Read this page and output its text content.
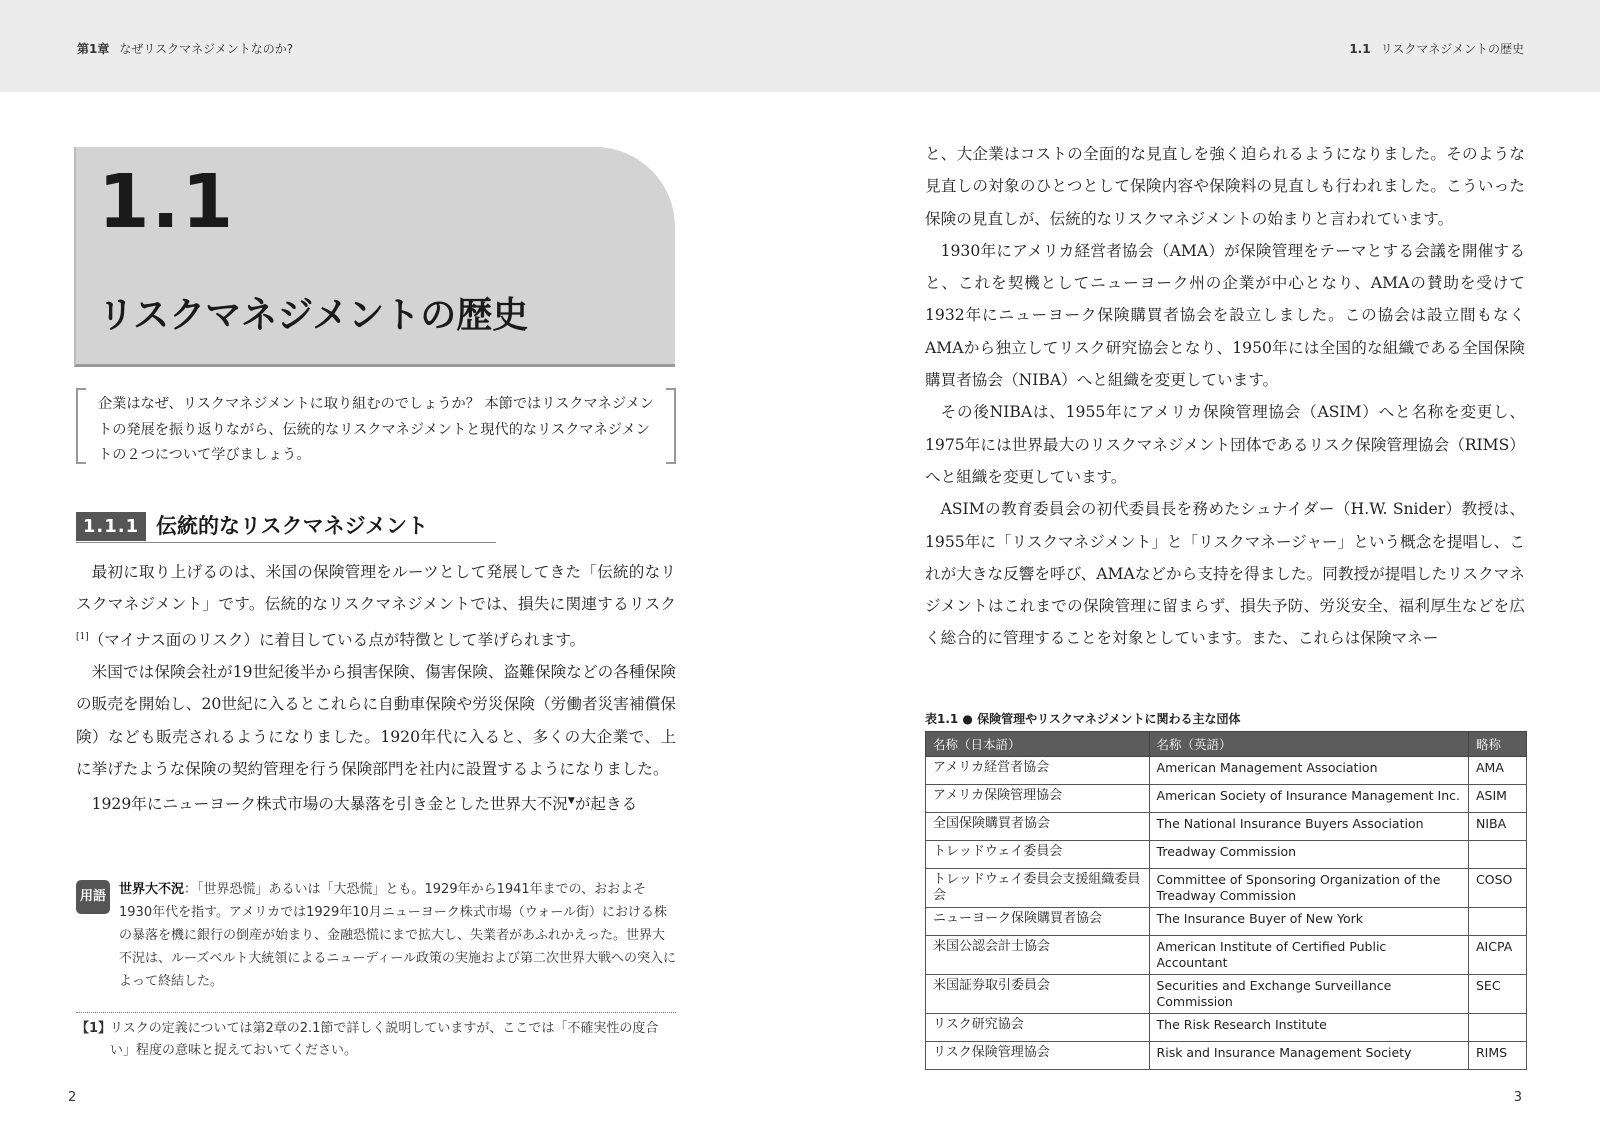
第1章 なぜリスクマネジメントなのか?	1.1 リスクマネジメントの歴史
1.1
リスクマネジメントの歴史
企業はなぜ、リスクマネジメントに取り組むのでしょうか？ 本節ではリスクマネジメントの発展を振り返りながら、伝統的なリスクマネジメントと現代的なリスクマネジメントの２つについて学びましょう。
1.1.1 伝統的なリスクマネジメント

最初に取り上げるのは、米国の保険管理をルーツとして発展してきた「伝統的なリスクマネジメント」です。伝統的なリスクマネジメントでは、損失に関連するリスク[1]（マイナス面のリスク）に着目している点が特徴として挙げられます。

米国では保険会社が19世紀後半から損害保険、傷害保険、盗難保険などの各種保険の販売を開始し、20世紀に入るとこれらに自動車保険や労災保険（労働者災害補償保険）なども販売されるようになりました。1920年代に入ると、多くの大企業で、上に挙げたような保険の契約管理を行う保険部門を社内に設置するようになりました。

1929年にニューヨーク株式市場の大暴落を引き金とした世界大不況▼が起きる

用語	世界大不況：「世界恐慌」あるいは「大恐慌」とも。1929年から1941年までの、おおよそ1930年代を指す。アメリカでは1929年10月ニューヨーク株式市場（ウォール街）における株の暴落を機に銀行の倒産が始まり、金融恐慌にまで拡大し、失業者があふれかえった。世界大不況は、ルーズベルト大統領によるニューディール政策の実施および第二次世界大戦への突入によって終結した。
【1】
リスクの定義については第2章の2.1節で詳しく説明していますが、ここでは「不確実性の度合い」程度の意味と捉えておいてください。
2

と、大企業はコストの全面的な見直しを強く迫られるようになりました。そのような見直しの対象のひとつとして保険内容や保険料の見直しも行われました。こういった保険の見直しが、伝統的なリスクマネジメントの始まりと言われています。

1930年にアメリカ経営者協会（AMA）が保険管理をテーマとする会議を開催すると、これを契機としてニューヨーク州の企業が中心となり、AMAの賛助を受けて1932年にニューヨーク保険購買者協会を設立しました。この協会は設立間もなくAMAから独立してリスク研究協会となり、1950年には全国的な組織である全国保険購買者協会（NIBA）へと組織を変更しています。

その後NIBAは、1955年にアメリカ保険管理協会（ASIM）へと名称を変更し、1975年には世界最大のリスクマネジメント団体であるリスク保険管理協会（RIMS）へと組織を変更しています。

ASIMの教育委員会の初代委員長を務めたシュナイダー（H.W. Snider）教授は、1955年に「リスクマネジメント」と「リスクマネージャー」という概念を提唱し、これが大きな反響を呼び、AMAなどから支持を得ました。同教授が提唱したリスクマネジメントはこれまでの保険管理に留まらず、損失予防、労災安全、福利厚生などを広く総合的に管理することを対象としています。また、これらは保険マネー

表1.1 ● 保険管理やリスクマネジメントに関わる主な団体
名称（日本語）	名称（英語）	略称
アメリカ経営者協会	American Management Association	AMA
アメリカ保険管理協会	American Society of Insurance Management Inc.	ASIM
全国保険購買者協会	The National Insurance Buyers Association	NIBA
トレッドウェイ委員会	Treadway Commission	
トレッドウェイ委員会支援組織委員会	Committee of Sponsoring Organization of the Treadway Commission	COSO
ニューヨーク保険購買者協会	The Insurance Buyer of New York	
米国公認会計士協会	American Institute of Certified Public Accountant	AICPA
米国証券取引委員会	Securities and Exchange Surveillance Commission	SEC
リスク研究協会	The Risk Research Institute	
リスク保険管理協会	Risk and Insurance Management Society	RIMS
3
